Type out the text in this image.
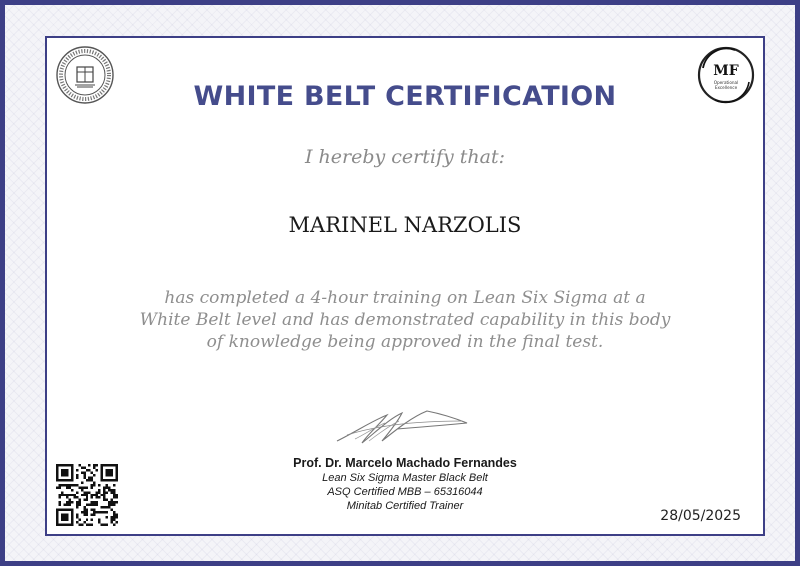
MF
Operational
Excellence
WHITE BELT CERTIFICATION
I hereby certify that:
MARINEL NARZOLIS
has completed a 4-hour training on Lean Six Sigma at a White Belt level and has demonstrated capability in this body of knowledge being approved in the final test.
Prof. Dr. Marcelo Machado Fernandes
Lean Six Sigma Master Black Belt
ASQ Certified MBB – 65316044
Minitab Certified Trainer
28/05/2025
